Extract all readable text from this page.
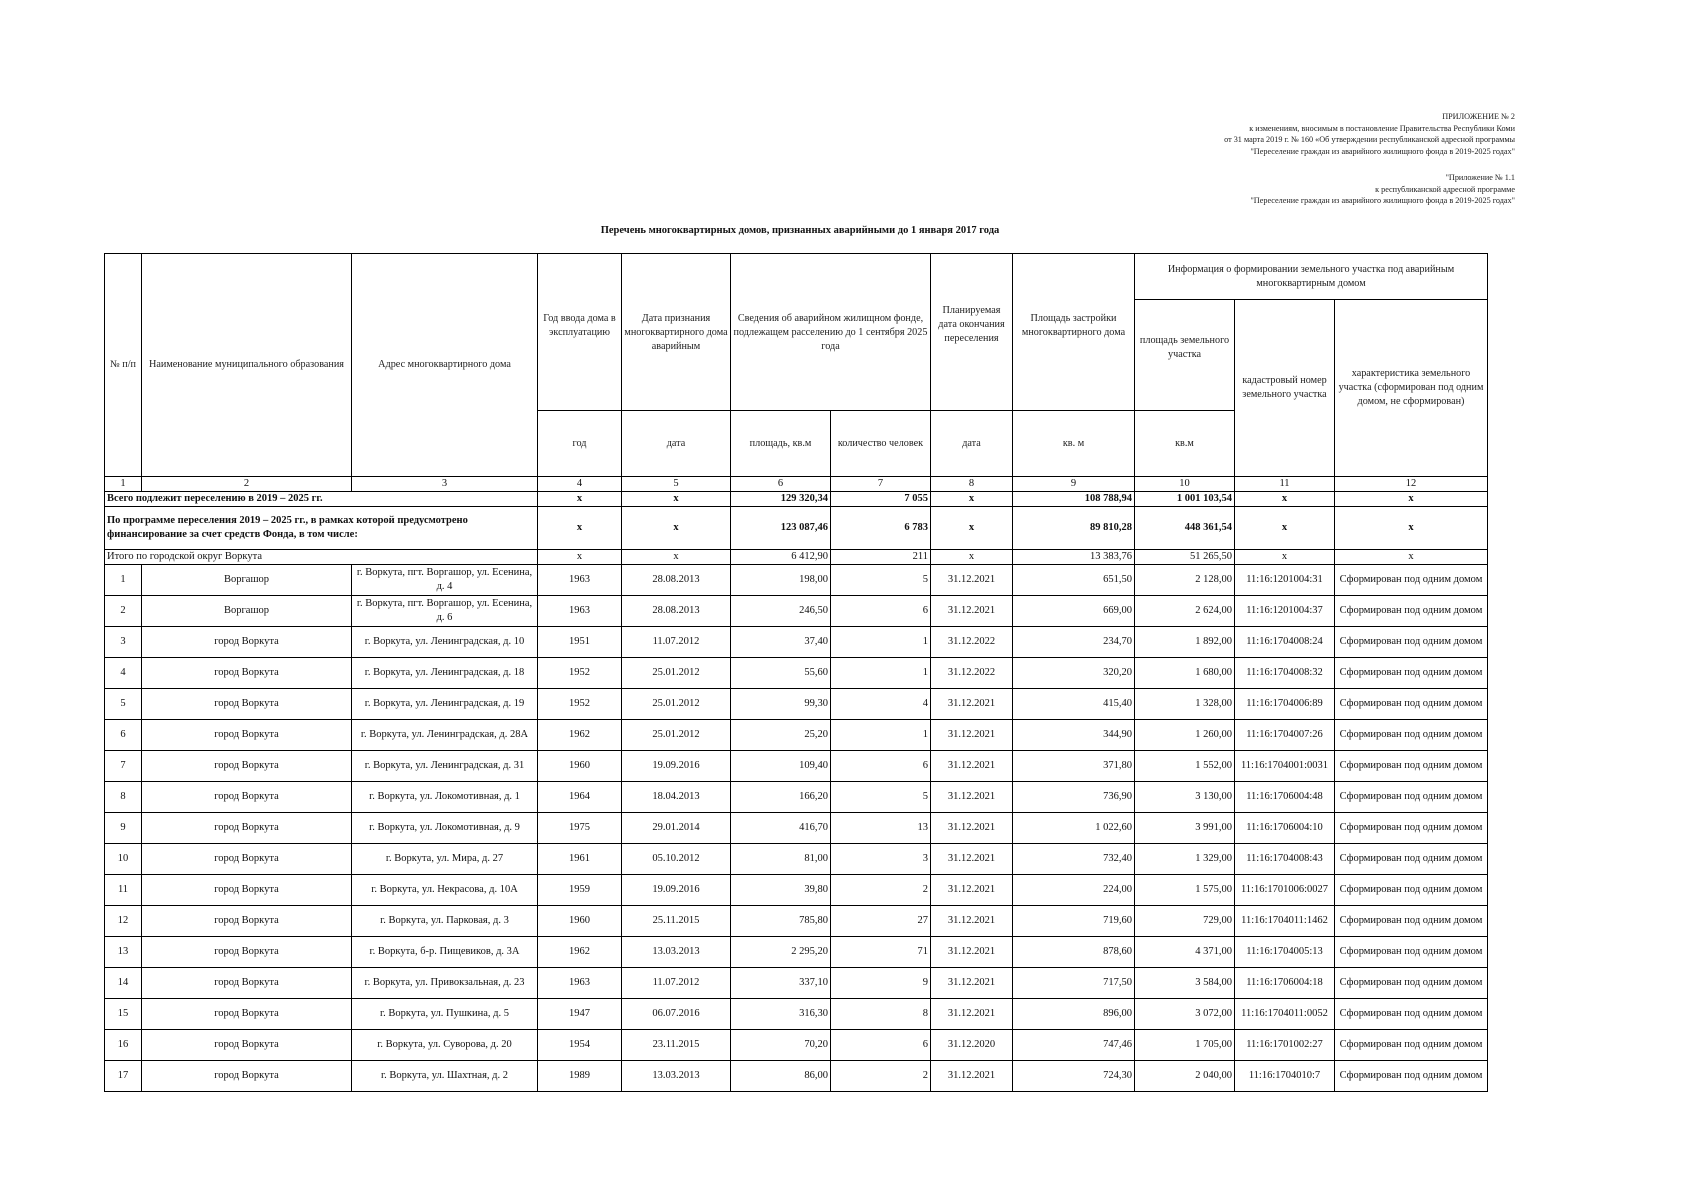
ПРИЛОЖЕНИЕ № 2
к изменениям, вносимым в постановление Правительства Республики Коми
от 31 марта 2019 г. № 160 «Об утверждении республиканской адресной программы
"Переселение граждан из аварийного жилищного фонда в 2019-2025 годах"
"Приложение № 1.1
к республиканской адресной программе
"Переселение граждан из аварийного жилищного фонда в 2019-2025 годах"
Перечень многоквартирных домов, признанных аварийными до 1 января 2017 года
№ п/п	Наименование муниципального образования	Адрес многоквартирного дома	Год ввода дома в эксплуатацию	Дата признания многоквартирного дома аварийным	Сведения об аварийном жилищном фонде, подлежащем расселению до 1 сентября 2025 года		Планируемая дата окончания переселения	Площадь застройки многоквартирного дома	Информация о формировании земельного участка под аварийным многоквартирным домом		
									площадь земельного участка	кадастровый номер земельного участка	характеристика земельного участка (сформирован под одним домом, не сформирован)
			год	дата	площадь, кв.м	количество человек	дата	кв. м	кв.м		
1	2	3	4	5	6	7	8	9	10	11	12
Всего подлежит переселению в 2019 – 2025 гг.			х	х	129 320,34	7 055	х	108 788,94	1 001 103,54	х	х
По программе переселения 2019 – 2025 гг., в рамках которой предусмотрено финансирование за счет средств Фонда, в том числе:			х	х	123 087,46	6 783	х	89 810,28	448 361,54	х	х
Итого по городской округ Воркута			х	х	6 412,90	211	х	13 383,76	51 265,50	х	х
1	Воргашор	г. Воркута, пгт. Воргашор, ул. Есенина, д. 4	1963	28.08.2013	198,00	5	31.12.2021	651,50	2 128,00	11:16:1201004:31	Сформирован под одним домом
2	Воргашор	г. Воркута, пгт. Воргашор, ул. Есенина, д. 6	1963	28.08.2013	246,50	6	31.12.2021	669,00	2 624,00	11:16:1201004:37	Сформирован под одним домом
3	город Воркута	г. Воркута, ул. Ленинградская, д. 10	1951	11.07.2012	37,40	1	31.12.2022	234,70	1 892,00	11:16:1704008:24	Сформирован под одним домом
4	город Воркута	г. Воркута, ул. Ленинградская, д. 18	1952	25.01.2012	55,60	1	31.12.2022	320,20	1 680,00	11:16:1704008:32	Сформирован под одним домом
5	город Воркута	г. Воркута, ул. Ленинградская, д. 19	1952	25.01.2012	99,30	4	31.12.2021	415,40	1 328,00	11:16:1704006:89	Сформирован под одним домом
6	город Воркута	г. Воркута, ул. Ленинградская, д. 28А	1962	25.01.2012	25,20	1	31.12.2021	344,90	1 260,00	11:16:1704007:26	Сформирован под одним домом
7	город Воркута	г. Воркута, ул. Ленинградская, д. 31	1960	19.09.2016	109,40	6	31.12.2021	371,80	1 552,00	11:16:1704001:0031	Сформирован под одним домом
8	город Воркута	г. Воркута, ул. Локомотивная, д. 1	1964	18.04.2013	166,20	5	31.12.2021	736,90	3 130,00	11:16:1706004:48	Сформирован под одним домом
9	город Воркута	г. Воркута, ул. Локомотивная, д. 9	1975	29.01.2014	416,70	13	31.12.2021	1 022,60	3 991,00	11:16:1706004:10	Сформирован под одним домом
10	город Воркута	г. Воркута, ул. Мира, д. 27	1961	05.10.2012	81,00	3	31.12.2021	732,40	1 329,00	11:16:1704008:43	Сформирован под одним домом
11	город Воркута	г. Воркута, ул. Некрасова, д. 10А	1959	19.09.2016	39,80	2	31.12.2021	224,00	1 575,00	11:16:1701006:0027	Сформирован под одним домом
12	город Воркута	г. Воркута, ул. Парковая, д. 3	1960	25.11.2015	785,80	27	31.12.2021	719,60	729,00	11:16:1704011:1462	Сформирован под одним домом
13	город Воркута	г. Воркута, б-р. Пищевиков, д. 3А	1962	13.03.2013	2 295,20	71	31.12.2021	878,60	4 371,00	11:16:1704005:13	Сформирован под одним домом
14	город Воркута	г. Воркута, ул. Привокзальная, д. 23	1963	11.07.2012	337,10	9	31.12.2021	717,50	3 584,00	11:16:1706004:18	Сформирован под одним домом
15	город Воркута	г. Воркута, ул. Пушкина, д. 5	1947	06.07.2016	316,30	8	31.12.2021	896,00	3 072,00	11:16:1704011:0052	Сформирован под одним домом
16	город Воркута	г. Воркута, ул. Суворова, д. 20	1954	23.11.2015	70,20	6	31.12.2020	747,46	1 705,00	11:16:1701002:27	Сформирован под одним домом
17	город Воркута	г. Воркута, ул. Шахтная, д. 2	1989	13.03.2013	86,00	2	31.12.2021	724,30	2 040,00	11:16:1704010:7	Сформирован под одним домом
